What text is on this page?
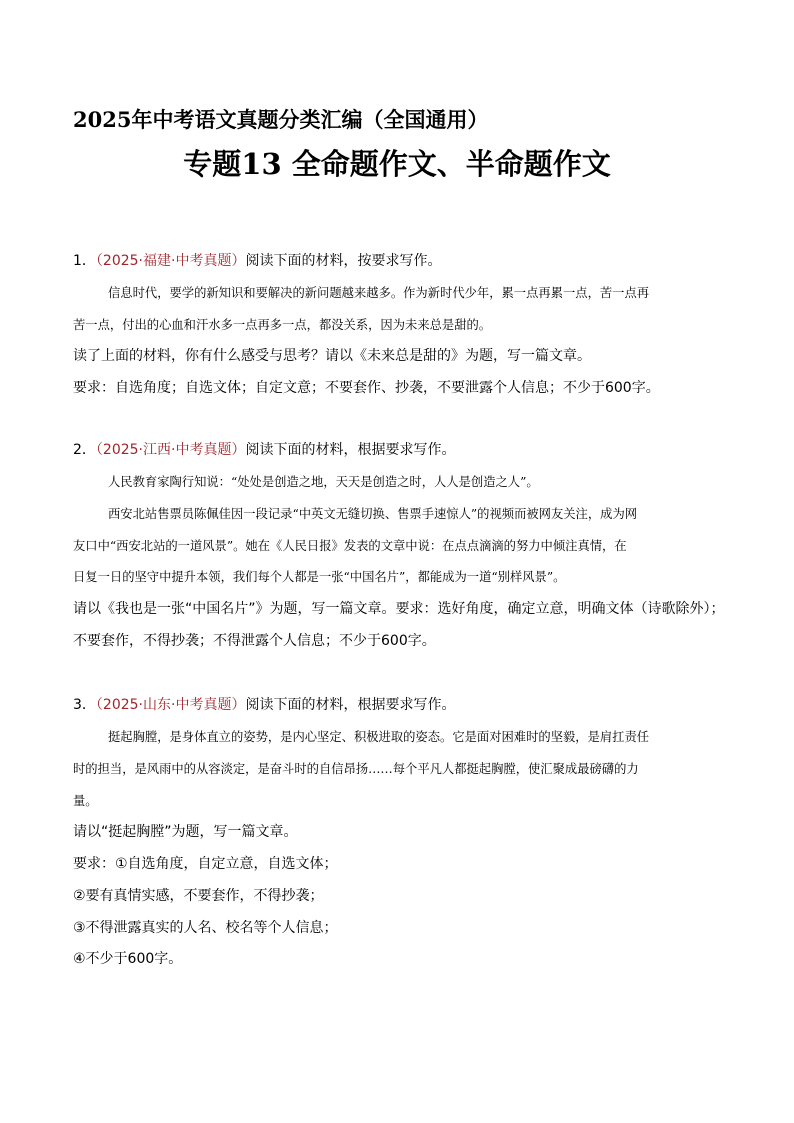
2025年中考语文真题分类汇编（全国通用）
专题13 全命题作文、半命题作文
1．（2025·福建·中考真题）阅读下面的材料，按要求写作。
信息时代，要学的新知识和要解决的新问题越来越多。作为新时代少年，累一点再累一点，苦一点再
苦一点，付出的心血和汗水多一点再多一点，都没关系，因为未来总是甜的。
读了上面的材料，你有什么感受与思考？请以《未来总是甜的》为题，写一篇文章。
要求：自选角度；自选文体；自定文意；不要套作、抄袭，不要泄露个人信息；不少于600字。
2．（2025·江西·中考真题）阅读下面的材料，根据要求写作。
人民教育家陶行知说：“处处是创造之地，天天是创造之时，人人是创造之人”。
西安北站售票员陈佩佳因一段记录“中英文无缝切换、售票手速惊人”的视频而被网友关注，成为网
友口中“西安北站的一道风景”。她在《人民日报》发表的文章中说：在点点滴滴的努力中倾注真情，在
日复一日的坚守中提升本领，我们每个人都是一张“中国名片”，都能成为一道“别样风景”。
请以《我也是一张“中国名片”》为题，写一篇文章。要求：选好角度，确定立意，明确文体（诗歌除外）；
不要套作，不得抄袭；不得泄露个人信息；不少于600字。
3．（2025·山东·中考真题）阅读下面的材料，根据要求写作。
挺起胸膛，是身体直立的姿势，是内心坚定、积极进取的姿态。它是面对困难时的坚毅，是肩扛责任
时的担当，是风雨中的从容淡定，是奋斗时的自信昂扬……每个平凡人都挺起胸膛，使汇聚成最磅礴的力
量。
请以“挺起胸膛”为题，写一篇文章。
要求：①自选角度，自定立意，自选文体；
②要有真情实感，不要套作，不得抄袭；
③不得泄露真实的人名、校名等个人信息；
④不少于600字。
